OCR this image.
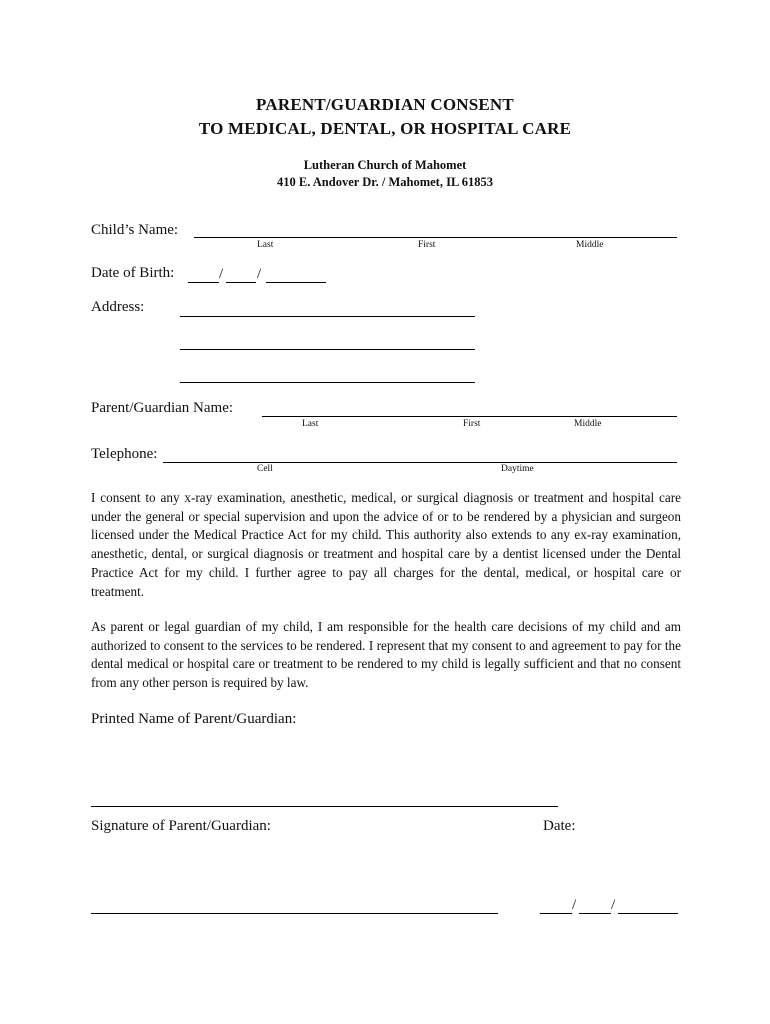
PARENT/GUARDIAN CONSENT
TO MEDICAL, DENTAL, OR HOSPITAL CARE
Lutheran Church of Mahomet
410 E. Andover Dr. / Mahomet, IL 61853
Child’s Name:
Last	First	Middle
Date of Birth:	/ /
Address:
Parent/Guardian Name:
Last	First	Middle
Telephone:
Cell	Daytime
I consent to any x-ray examination, anesthetic, medical, or surgical diagnosis or treatment and hospital care under the general or special supervision and upon the advice of or to be rendered by a physician and surgeon licensed under the Medical Practice Act for my child. This authority also extends to any ex-ray examination, anesthetic, dental, or surgical diagnosis or treatment and hospital care by a dentist licensed under the Dental Practice Act for my child. I further agree to pay all charges for the dental, medical, or hospital care or treatment.
As parent or legal guardian of my child, I am responsible for the health care decisions of my child and am authorized to consent to the services to be rendered. I represent that my consent to and agreement to pay for the dental medical or hospital care or treatment to be rendered to my child is legally sufficient and that no consent from any other person is required by law.
Printed Name of Parent/Guardian:
Signature of Parent/Guardian:	Date:
/ /
